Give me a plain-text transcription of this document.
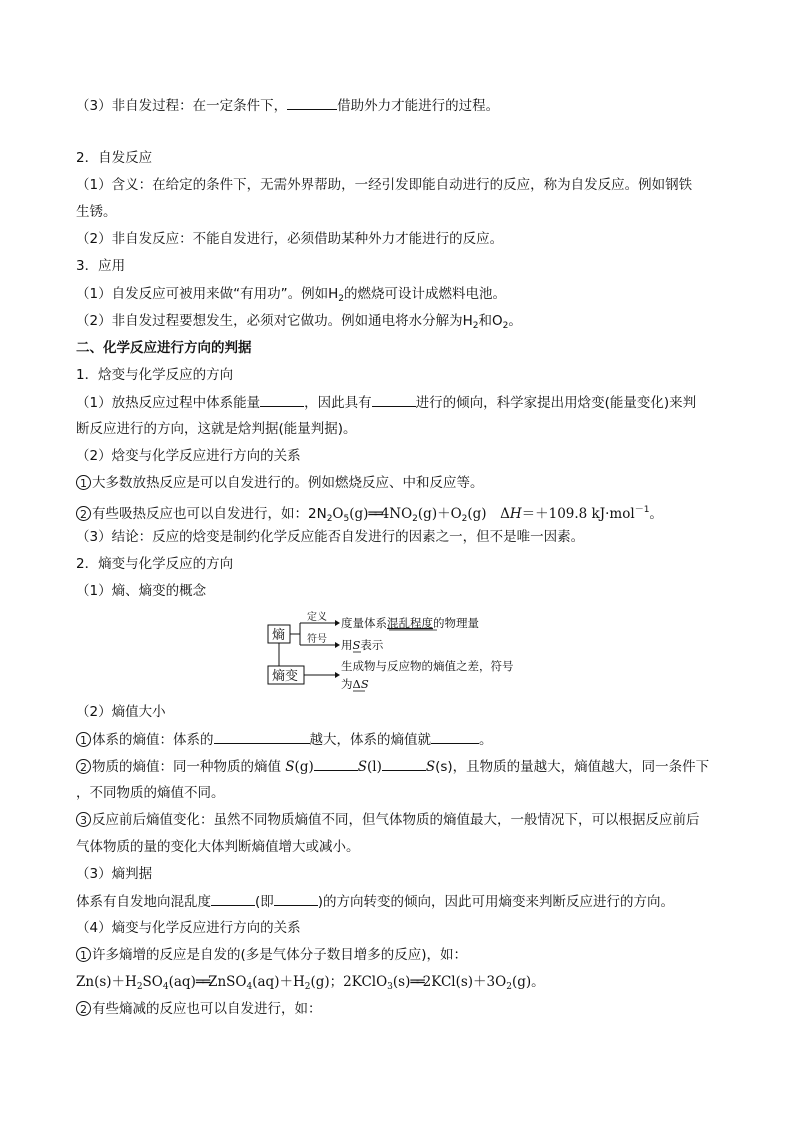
（3）非自发过程：在一定条件下，	借助外力才能进行的过程。
2．自发反应
（1）含义：在给定的条件下，无需外界帮助，一经引发即能自动进行的反应，称为自发反应。例如钢铁
生锈。
（2）非自发反应：不能自发进行，必须借助某种外力才能进行的反应。
3．应用
（1）自发反应可被用来做“有用功”。例如$H_2$的燃烧可设计成燃料电池。
（2）非自发过程要想发生，必须对它做功。例如通电将水分解为$H_2$和$O_2$。
二、化学反应进行方向的判据
1．焓变与化学反应的方向
（1）放热反应过程中体系能量	，因此具有	进行的倾向，科学家提出用焓变(能量变化)来判
断反应进行的方向，这就是焓判据(能量判据)。
（2）焓变与化学反应进行方向的关系
1 大多数放热反应是可以自发进行的。例如燃烧反应、中和反应等。
2 有些吸热反应也可以自发进行，如：$2N_2O_5(g)══4NO_2(g)+O_2(g)$　ΔH＝＋109.8 kJ·mol$^{-1}$。
（3）结论：反应的焓变是制约化学反应能否自发进行的因素之一，但不是唯一因素。
2．熵变与化学反应的方向
（1）熵、熵变的概念
熵
熵变
定义
符号
度量体系混乱程度的物理量
用S表示
生成物与反应物的熵值之差，符号
为ΔS
（2）熵值大小
1 体系的熵值：体系的	越大，体系的熵值就	。
2 物质的熵值：同一种物质的熵值 S(g)	S(l)	S(s)，且物质的量越大，熵值越大，同一条件下
，不同物质的熵值不同。
3 反应前后熵值变化：虽然不同物质熵值不同，但气体物质的熵值最大，一般情况下，可以根据反应前后
气体物质的量的变化大体判断熵值增大或减小。
（3）熵判据
体系有自发地向混乱度	(即	)的方向转变的倾向，因此可用熵变来判断反应进行的方向。
（4）熵变与化学反应进行方向的关系
1 许多熵增的反应是自发的(多是气体分子数目增多的反应)，如：
$Zn(s)+H_2SO_4(aq)══ZnSO_4(aq)+H_2(g)$；$2KClO_3(s)══2KCl(s)+3O_2(g)$。
2 有些熵减的反应也可以自发进行，如：
